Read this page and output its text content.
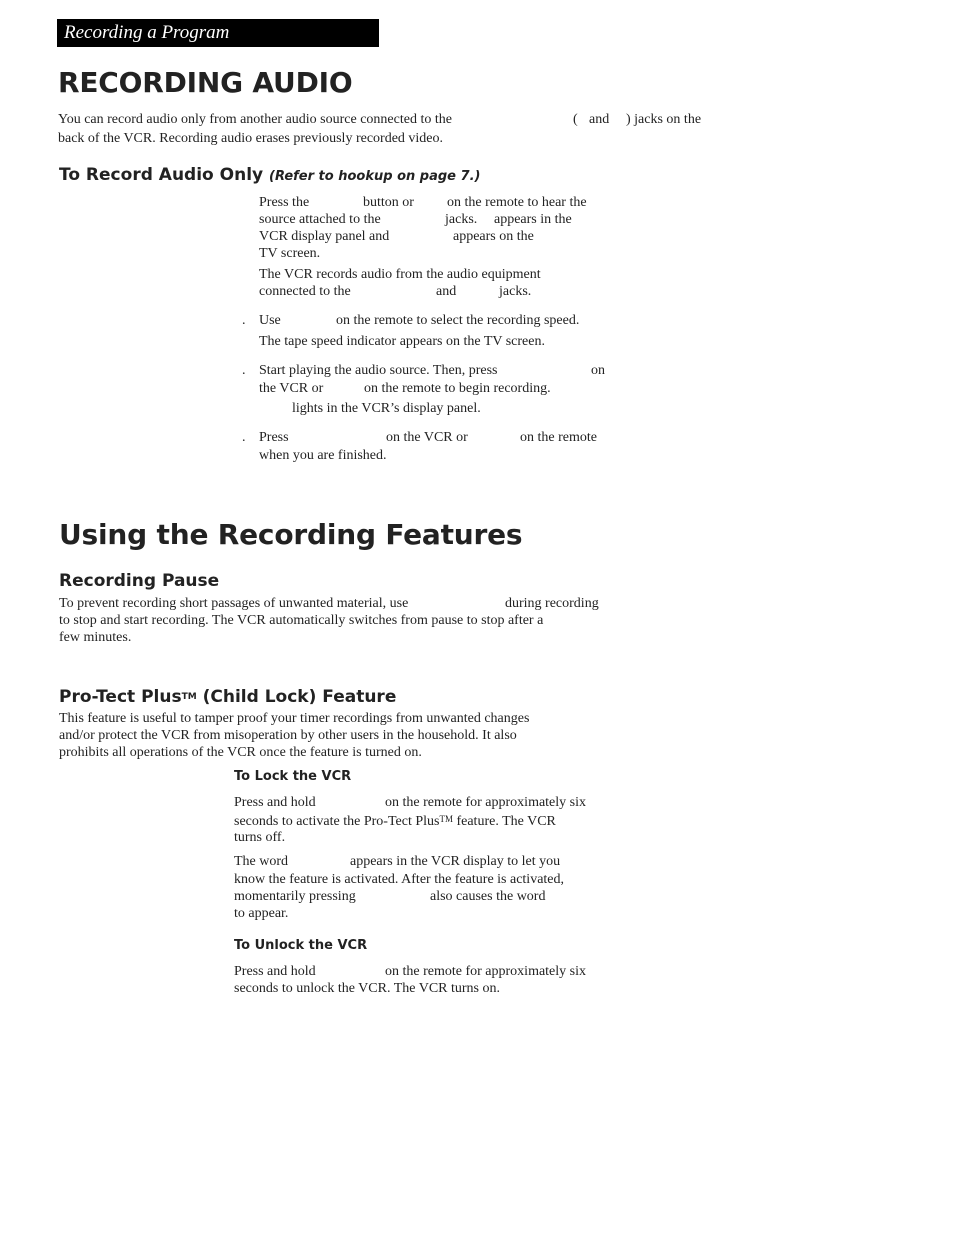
Recording a Program
RECORDING AUDIO
You can record audio only from another audio source connected to the	( and ) jacks on the
back of the VCR. Recording audio erases previously recorded video.
To Record Audio Only (Refer to hookup on page 7.)
Press the	button or on the remote to hear the
source attached to the	jacks. appears in the
VCR display panel and	appears on the
TV screen.
The VCR records audio from the audio equipment
connected to the	and	jacks.
. Use	on the remote to select the recording speed.
The tape speed indicator appears on the TV screen.
. Start playing the audio source. Then, press	on
the VCR or	on the remote to begin recording.
lights in the VCR’s display panel.
. Press	on the VCR or	on the remote
when you are finished.
Using the Recording Features
Recording Pause
To prevent recording short passages of unwanted material, use	during recording
to stop and start recording. The VCR automatically switches from pause to stop after a
few minutes.
Pro-Tect PlusTM (Child Lock) Feature
This feature is useful to tamper proof your timer recordings from unwanted changes
and/or protect the VCR from misoperation by other users in the household. It also
prohibits all operations of the VCR once the feature is turned on.
To Lock the VCR
Press and hold	on the remote for approximately six
seconds to activate the Pro-Tect Plus™ feature. The VCR
turns off.
The word	appears in the VCR display to let you
know the feature is activated. After the feature is activated,
momentarily pressing	also causes the word
to appear.
To Unlock the VCR
Press and hold	on the remote for approximately six
seconds to unlock the VCR. The VCR turns on.
